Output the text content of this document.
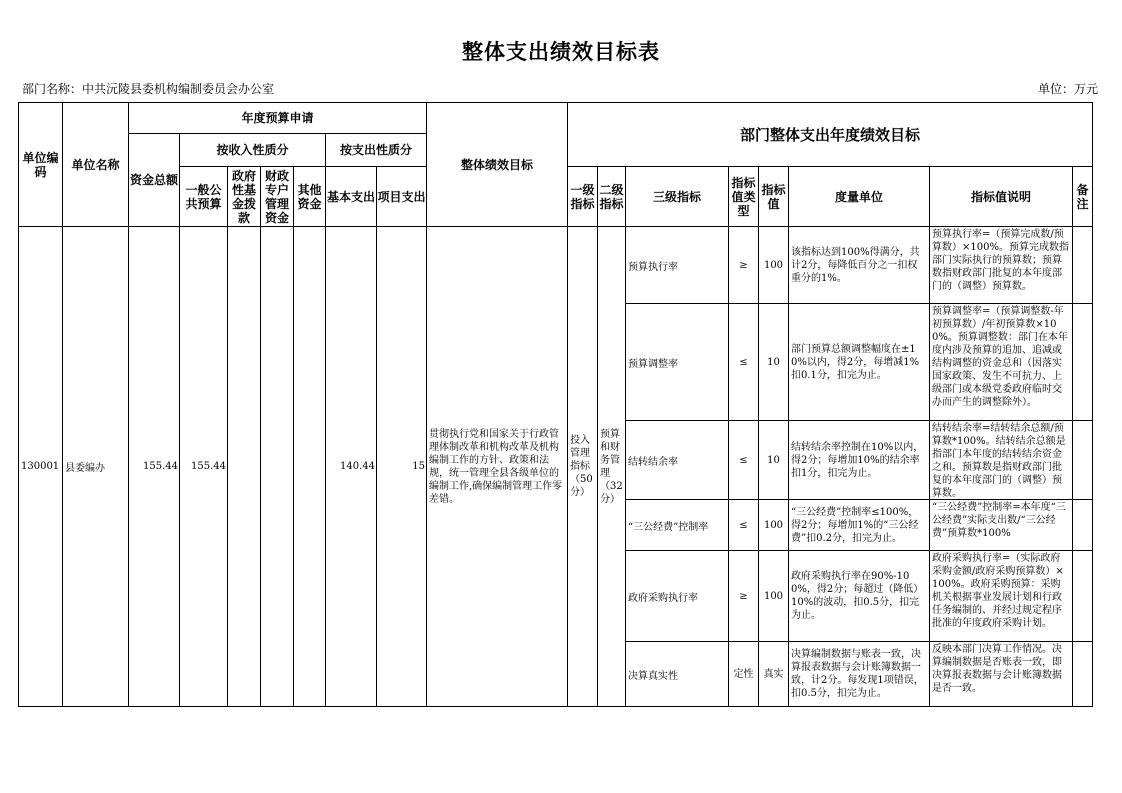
整体支出绩效目标表
部门名称：中共沅陵县委机构编制委员会办公室	单位：万元
单位编码	单位名称	年度预算申请							整体绩效目标	部门整体支出年度绩效目标							
		资金总额	按收入性质分				按支出性质分										
			一般公共预算	政府性基金拨款	财政专户管理资金	其他资金	基本支出	项目支出		一级指标	二级指标	三级指标	指标值类型	指标值	度量单位	指标值说明	备注
130001	县委编办	155.44	155.44				140.44	15	贯彻执行党和国家关于行政管理体制改革和机构改革及机构编制工作的方针、政策和法规，统一管理全县各级单位的编制工作,确保编制管理工作零差错。	投入管理指标（50分）	预算和财务管理（32分）	预算执行率	≥	100	该指标达到100%得满分，共计2分，每降低百分之一扣权重分的1%。	预算执行率=（预算完成数/预算数）×100%。预算完成数指部门实际执行的预算数；预算数指财政部门批复的本年度部门的（调整）预算数。	

												预算调整率	≤	10	部门预算总额调整幅度在±10%以内，得2分，每增减1%扣0.1分，扣完为止。	预算调整率=（预算调整数-年初预算数）/年初预算数×100%。预算调整数：部门在本年度内涉及预算的追加、追减或结构调整的资金总和（因落实国家政策、发生不可抗力、上级部门或本级党委政府临时交办而产生的调整除外）。	

												结转结余率	≤	10	结转结余率控制在10%以内，得2分；每增加10%的结余率扣1分，扣完为止。	结转结余率=结转结余总额/预算数*100%。结转结余总额是指部门本年度的结转结余资金之和。预算数是指财政部门批复的本年度部门的（调整）预算数。	

												“三公经费”控制率	≤	100	“三公经费”控制率≤100%，得2分；每增加1%的“三公经费”扣0.2分，扣完为止。	“三公经费”控制率=本年度“三公经费”实际支出数/“三公经费”预算数*100%	

												政府采购执行率	≥	100	政府采购执行率在90%-100%，得2分；每超过（降低）10%的波动，扣0.5分，扣完为止。	政府采购执行率=（实际政府采购金额/政府采购预算数）×100%。政府采购预算：采购机关根据事业发展计划和行政任务编制的、并经过规定程序批准的年度政府采购计划。	

												决算真实性	定性	真实	决算编制数据与账表一致，决算报表数据与会计账簿数据一致，计2分。每发现1项错误，扣0.5分，扣完为止。	反映本部门决算工作情况。决算编制数据是否账表一致，即决算报表数据与会计账簿数据是否一致。	
